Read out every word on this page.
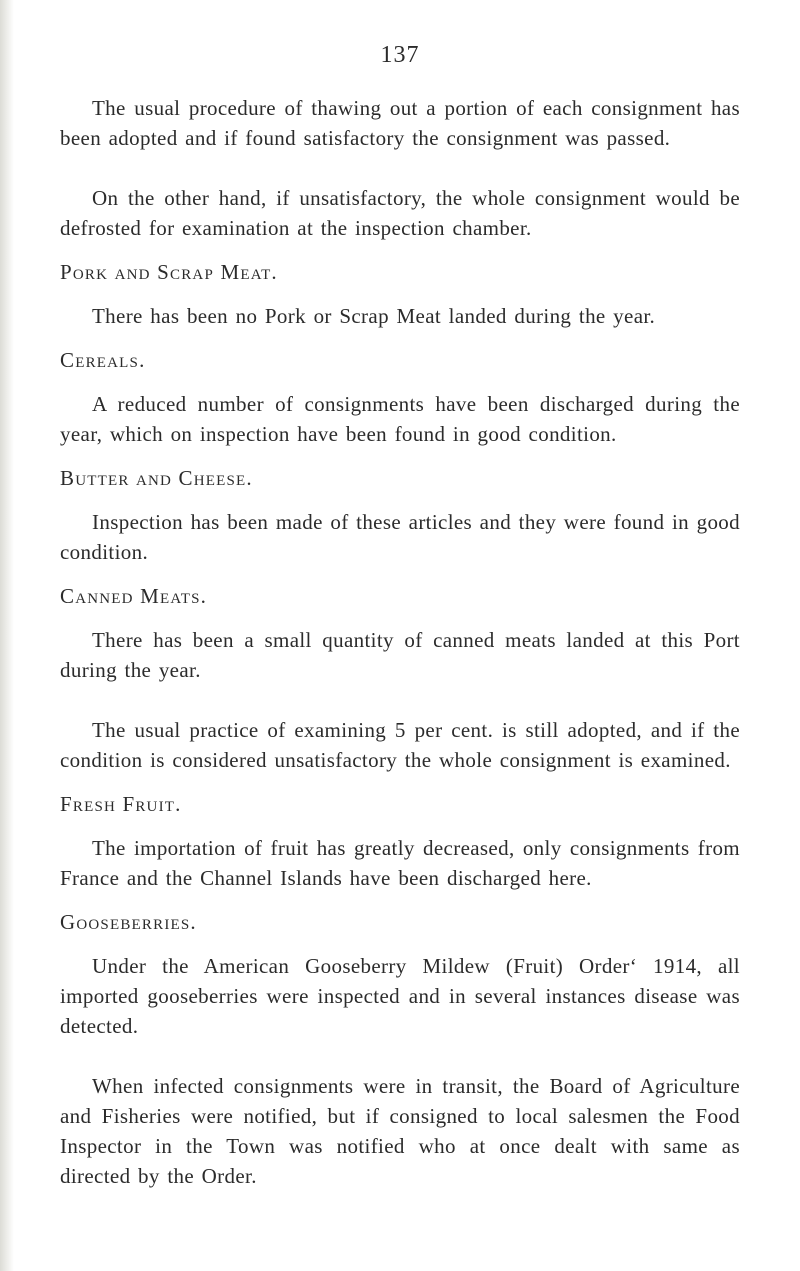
137

The usual procedure of thawing out a portion of each consignment has been adopted and if found satisfactory the consignment was passed.

On the other hand, if unsatisfactory, the whole consignment would be defrosted for examination at the inspection chamber.

Pork and Scrap Meat.

There has been no Pork or Scrap Meat landed during the year.

Cereals.

A reduced number of consignments have been discharged during the year, which on inspection have been found in good condition.

Butter and Cheese.

Inspection has been made of these articles and they were found in good condition.

Canned Meats.

There has been a small quantity of canned meats landed at this Port during the year.

The usual practice of examining 5 per cent. is still adopted, and if the condition is considered unsatisfactory the whole consignment is examined.

Fresh Fruit.

The importation of fruit has greatly decreased, only consignments from France and the Channel Islands have been discharged here.

Gooseberries.

Under the American Gooseberry Mildew (Fruit) Order‘ 1914, all imported gooseberries were inspected and in several instances disease was detected.

When infected consignments were in transit, the Board of Agriculture and Fisheries were notified, but if consigned to local salesmen the Food Inspector in the Town was notified who at once dealt with same as directed by the Order.
